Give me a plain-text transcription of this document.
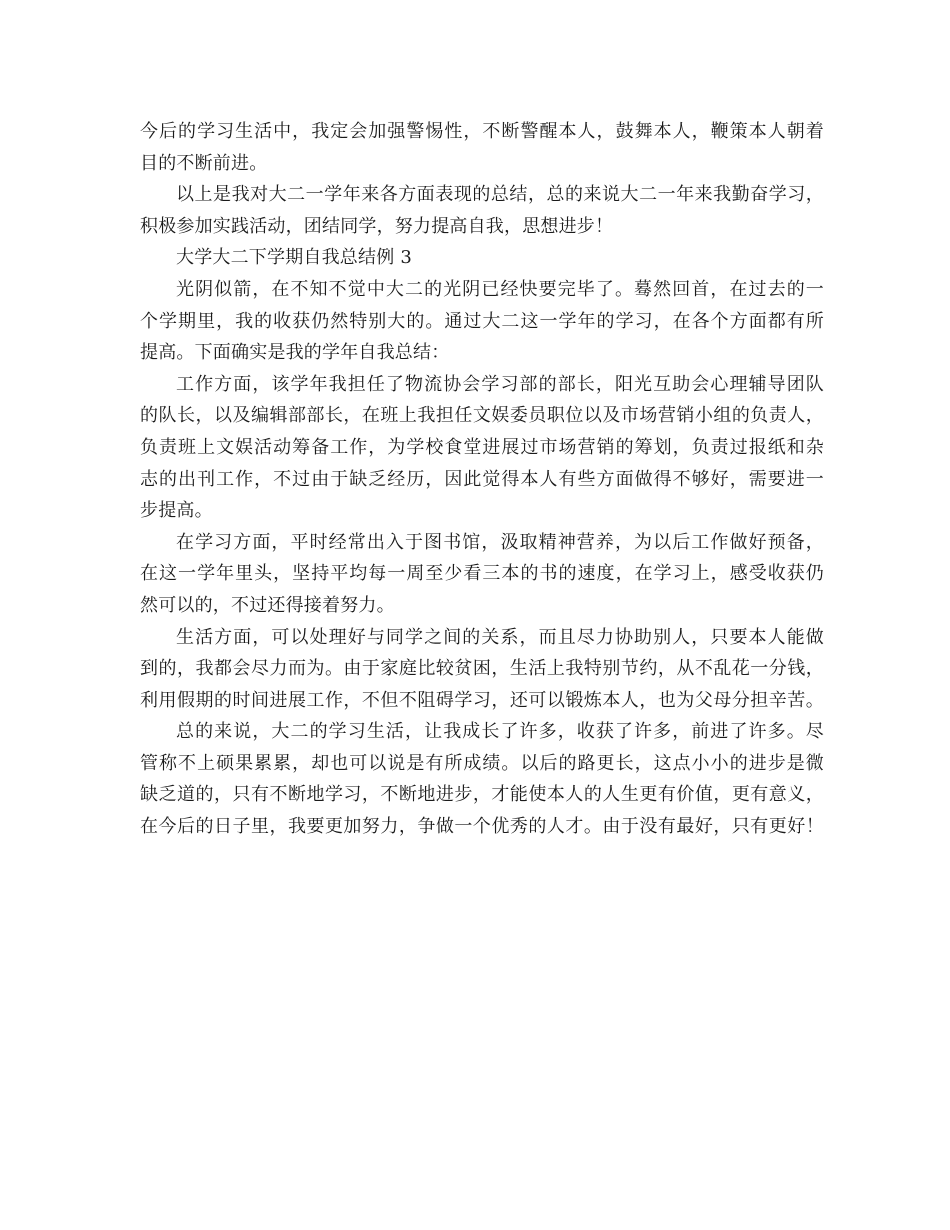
今后的学习生活中，我定会加强警惕性，不断警醒本人，鼓舞本人，鞭策本人朝着
目的不断前进。
以上是我对大二一学年来各方面表现的总结，总的来说大二一年来我勤奋学习，
积极参加实践活动，团结同学，努力提高自我，思想进步！
大学大二下学期自我总结例 3
光阴似箭，在不知不觉中大二的光阴已经快要完毕了。蓦然回首，在过去的一
个学期里，我的收获仍然特别大的。通过大二这一学年的学习，在各个方面都有所
提高。下面确实是我的学年自我总结：
工作方面，该学年我担任了物流协会学习部的部长，阳光互助会心理辅导团队
的队长，以及编辑部部长，在班上我担任文娱委员职位以及市场营销小组的负责人，
负责班上文娱活动筹备工作，为学校食堂进展过市场营销的筹划，负责过报纸和杂
志的出刊工作，不过由于缺乏经历，因此觉得本人有些方面做得不够好，需要进一
步提高。
在学习方面，平时经常出入于图书馆，汲取精神营养，为以后工作做好预备，
在这一学年里头，坚持平均每一周至少看三本的书的速度，在学习上，感受收获仍
然可以的，不过还得接着努力。
生活方面，可以处理好与同学之间的关系，而且尽力协助别人，只要本人能做
到的，我都会尽力而为。由于家庭比较贫困，生活上我特别节约，从不乱花一分钱，
利用假期的时间进展工作，不但不阻碍学习，还可以锻炼本人，也为父母分担辛苦。
总的来说，大二的学习生活，让我成长了许多，收获了许多，前进了许多。尽
管称不上硕果累累，却也可以说是有所成绩。以后的路更长，这点小小的进步是微
缺乏道的，只有不断地学习，不断地进步，才能使本人的人生更有价值，更有意义，
在今后的日子里，我要更加努力，争做一个优秀的人才。由于没有最好，只有更好！
